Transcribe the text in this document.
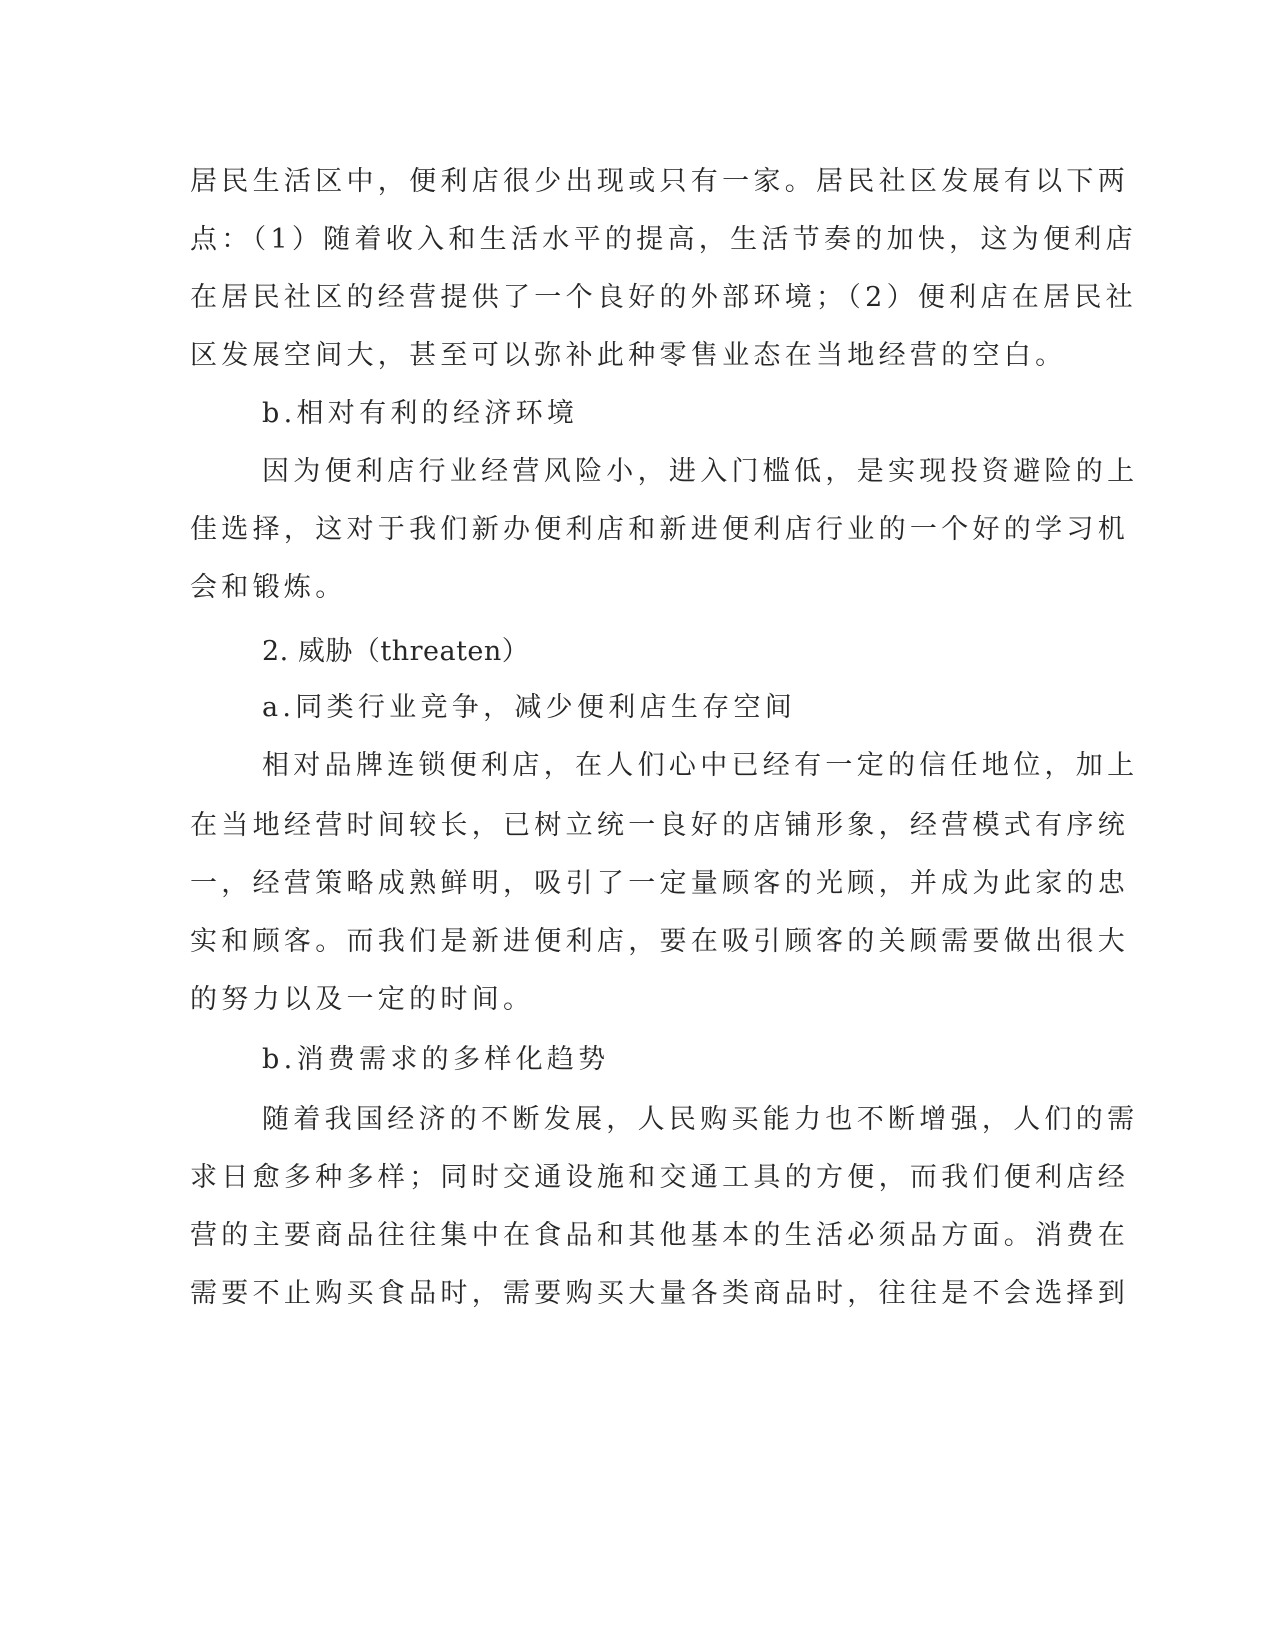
居民生活区中，便利店很少出现或只有一家。居民社区发展有以下两
点：（1）随着收入和生活水平的提高，生活节奏的加快，这为便利店
在居民社区的经营提供了一个良好的外部环境；（2）便利店在居民社
区发展空间大，甚至可以弥补此种零售业态在当地经营的空白。
b.相对有利的经济环境
因为便利店行业经营风险小，进入门槛低，是实现投资避险的上
佳选择，这对于我们新办便利店和新进便利店行业的一个好的学习机
会和锻炼。
2. 威胁（threaten）
a.同类行业竞争，减少便利店生存空间
相对品牌连锁便利店，在人们心中已经有一定的信任地位，加上
在当地经营时间较长，已树立统一良好的店铺形象，经营模式有序统
一，经营策略成熟鲜明，吸引了一定量顾客的光顾，并成为此家的忠
实和顾客。而我们是新进便利店，要在吸引顾客的关顾需要做出很大
的努力以及一定的时间。
b.消费需求的多样化趋势
随着我国经济的不断发展，人民购买能力也不断增强，人们的需
求日愈多种多样；同时交通设施和交通工具的方便，而我们便利店经
营的主要商品往往集中在食品和其他基本的生活必须品方面。消费在
需要不止购买食品时，需要购买大量各类商品时，往往是不会选择到
